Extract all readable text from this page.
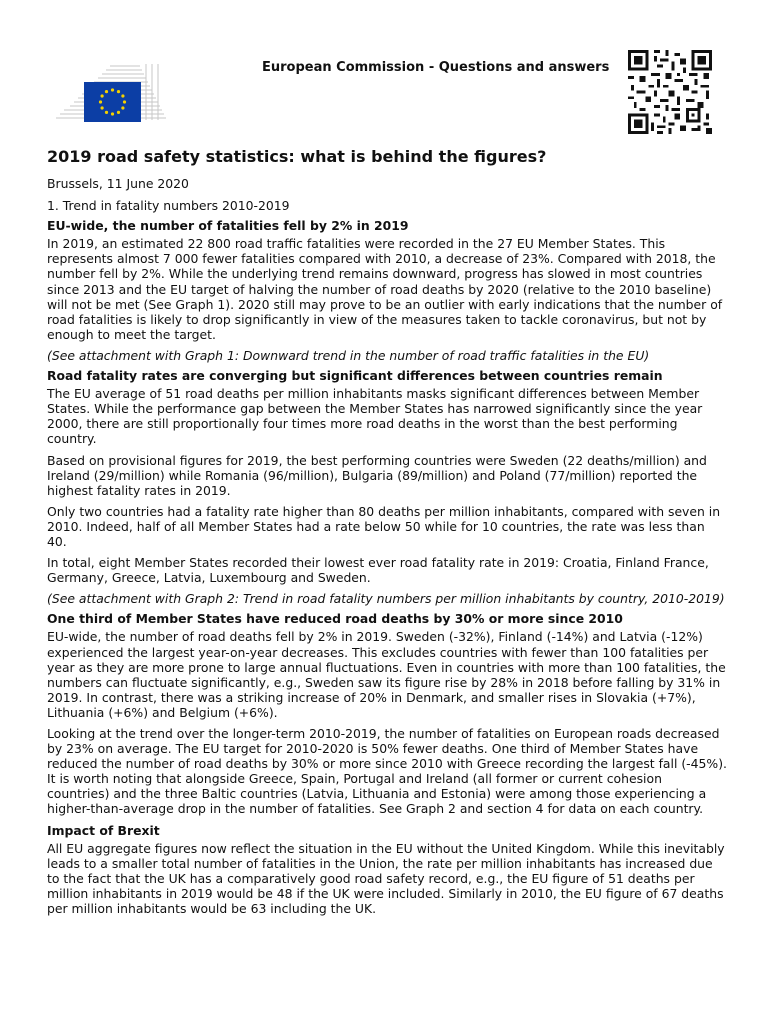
European Commission - Questions and answers
2019 road safety statistics: what is behind the figures?

Brussels, 11 June 2020

1. Trend in fatality numbers 2010-2019

EU-wide, the number of fatalities fell by 2% in 2019

In 2019, an estimated 22 800 road traffic fatalities were recorded in the 27 EU Member States. This represents almost 7 000 fewer fatalities compared with 2010, a decrease of 23%. Compared with 2018, the number fell by 2%. While the underlying trend remains downward, progress has slowed in most countries since 2013 and the EU target of halving the number of road deaths by 2020 (relative to the 2010 baseline) will not be met (See Graph 1). 2020 still may prove to be an outlier with early indications that the number of road fatalities is likely to drop significantly in view of the measures taken to tackle coronavirus, but not by enough to meet the target.

(See attachment with Graph 1: Downward trend in the number of road traffic fatalities in the EU)

Road fatality rates are converging but significant differences between countries remain

The EU average of 51 road deaths per million inhabitants masks significant differences between Member States. While the performance gap between the Member States has narrowed significantly since the year 2000, there are still proportionally four times more road deaths in the worst than the best performing country.

Based on provisional figures for 2019, the best performing countries were Sweden (22 deaths/million) and Ireland (29/million) while Romania (96/million), Bulgaria (89/million) and Poland (77/million) reported the highest fatality rates in 2019.

Only two countries had a fatality rate higher than 80 deaths per million inhabitants, compared with seven in 2010. Indeed, half of all Member States had a rate below 50 while for 10 countries, the rate was less than 40.

In total, eight Member States recorded their lowest ever road fatality rate in 2019: Croatia, Finland France, Germany, Greece, Latvia, Luxembourg and Sweden.

(See attachment with Graph 2: Trend in road fatality numbers per million inhabitants by country, 2010-2019)

One third of Member States have reduced road deaths by 30% or more since 2010

EU-wide, the number of road deaths fell by 2% in 2019. Sweden (-32%), Finland (-14%) and Latvia (-12%) experienced the largest year-on-year decreases. This excludes countries with fewer than 100 fatalities per year as they are more prone to large annual fluctuations. Even in countries with more than 100 fatalities, the numbers can fluctuate significantly, e.g., Sweden saw its figure rise by 28% in 2018 before falling by 31% in 2019. In contrast, there was a striking increase of 20% in Denmark, and smaller rises in Slovakia (+7%), Lithuania (+6%) and Belgium (+6%).

Looking at the trend over the longer-term 2010-2019, the number of fatalities on European roads decreased by 23% on average. The EU target for 2010-2020 is 50% fewer deaths. One third of Member States have reduced the number of road deaths by 30% or more since 2010 with Greece recording the largest fall (-45%). It is worth noting that alongside Greece, Spain, Portugal and Ireland (all former or current cohesion countries) and the three Baltic countries (Latvia, Lithuania and Estonia) were among those experiencing a higher-than-average drop in the number of fatalities. See Graph 2 and section 4 for data on each country.

Impact of Brexit

All EU aggregate figures now reflect the situation in the EU without the United Kingdom. While this inevitably leads to a smaller total number of fatalities in the Union, the rate per million inhabitants has increased due to the fact that the UK has a comparatively good road safety record, e.g., the EU figure of 51 deaths per million inhabitants in 2019 would be 48 if the UK were included. Similarly in 2010, the EU figure of 67 deaths per million inhabitants would be 63 including the UK.
